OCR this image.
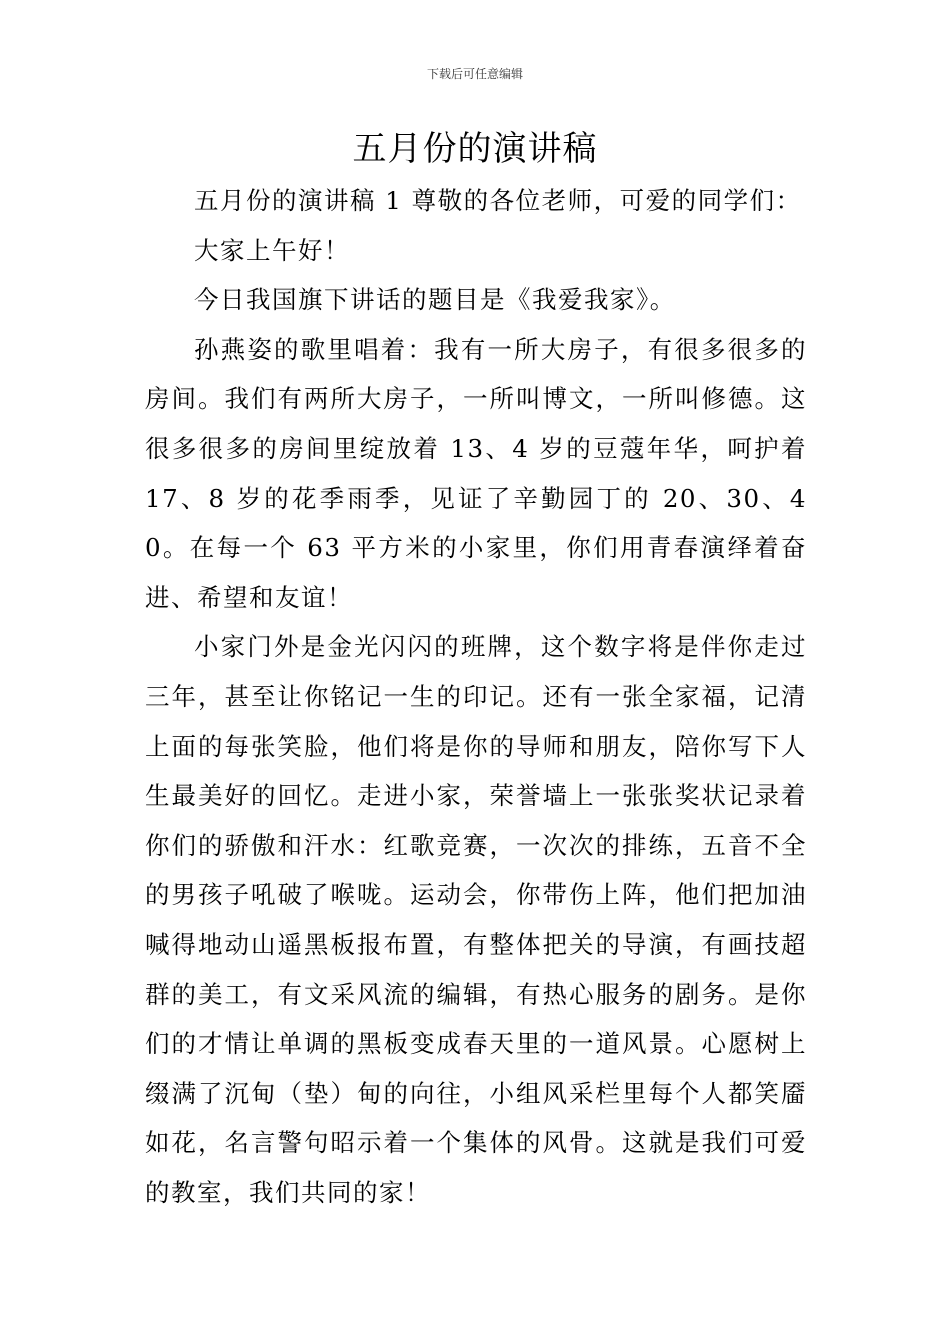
下载后可任意编辑
五月份的演讲稿

五月份的演讲稿 1 尊敬的各位老师，可爱的同学们：

大家上午好！

今日我国旗下讲话的题目是《我爱我家》。

孙燕姿的歌里唱着：我有一所大房子，有很多很多的房间。我们有两所大房子，一所叫博文，一所叫修德。这很多很多的房间里绽放着 13、4 岁的豆蔻年华，呵护着 17、8 岁的花季雨季，见证了辛勤园丁的 20、30、40。在每一个 63 平方米的小家里，你们用青春演绎着奋进、希望和友谊！

小家门外是金光闪闪的班牌，这个数字将是伴你走过三年，甚至让你铭记一生的印记。还有一张全家福，记清上面的每张笑脸，他们将是你的导师和朋友，陪你写下人生最美好的回忆。走进小家，荣誉墙上一张张奖状记录着你们的骄傲和汗水：红歌竞赛，一次次的排练，五音不全的男孩子吼破了喉咙。运动会，你带伤上阵，他们把加油喊得地动山遥黑板报布置，有整体把关的导演，有画技超群的美工，有文采风流的编辑，有热心服务的剧务。是你们的才情让单调的黑板变成春天里的一道风景。心愿树上缀满了沉甸（垫）甸的向往，小组风采栏里每个人都笑靥如花，名言警句昭示着一个集体的风骨。这就是我们可爱的教室，我们共同的家！
